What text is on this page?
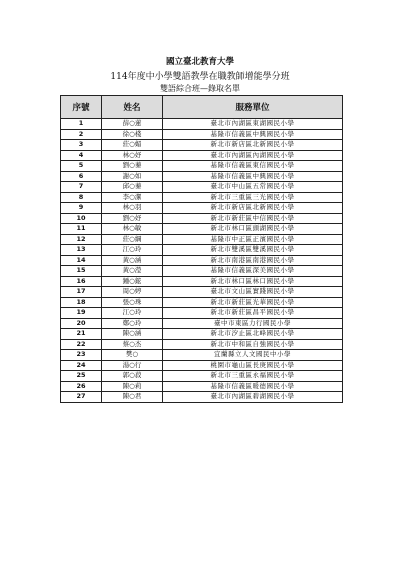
國立臺北教育大學
114年度中小學雙語教學在職教師增能學分班
雙語綜合班—錄取名單
序號	姓名	服務單位
1	薛○蓮	臺北市內湖區東湖國民小學
2	徐○棧	基隆市信義區中興國民小學
3	莊○媚	新北市新店區北新國民小學
4	林○妤	臺北市內湖區內湖國民小學
5	劉○蓁	基隆市信義區東信國民小學
6	謝○如	基隆市信義區中興國民小學
7	邱○蓁	臺北市中山區五常國民小學
8	李○潔	新北市三重區三光國民小學
9	林○羽	新北市新店區北新國民小學
10	劉○妤	新北市新莊區中信國民小學
11	林○敏	新北市林口區頭湖國民小學
12	莊○綱	基隆市中正區正濱國民小學
13	江○玲	新北市雙溪區雙溪國民小學
14	黃○涵	新北市南港區南港國民小學
15	黃○瀅	基隆市信義區深美國民小學
16	鍾○鋐	新北市林口區林口國民小學
17	周○婷	臺北市文山區實踐國民小學
18	張○珠	新北市新莊區光華國民小學
19	江○玲	新北市新莊區昌平國民小學
20	鄭○玲	臺中市東區力行國民小學
21	陳○涵	新北市汐止區北峰國民小學
22	蔡○杰	新北市中和區自強國民小學
23	樊○	宜蘭縣立人文國民中小學
24	湯○行	桃園市龜山區長庚國民小學
25	郭○菽	新北市三重區永福國民小學
26	陳○莉	基隆市信義區暖德國民小學
27	陳○君	臺北市內湖區碧湖國民小學
